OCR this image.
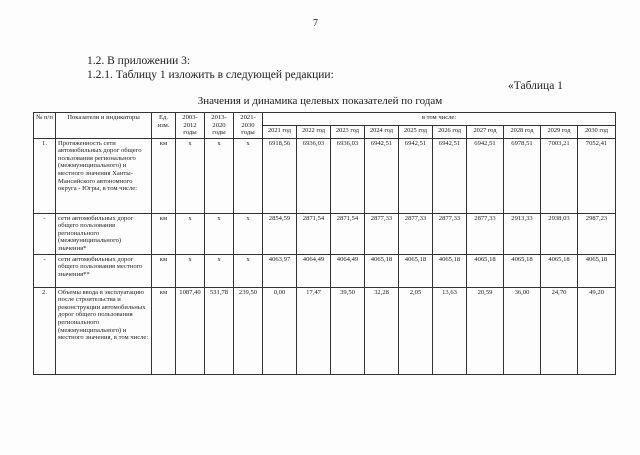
7
1.2. В приложении 3:
1.2.1. Таблицу 1 изложить в следующей редакции:
«Таблица 1
Значения и динамика целевых показателей по годам
№ п/п	Показатели и индикаторы	Ед. изм.	2003-2012 годы	2013-2020 годы	2021-2030 годы	в том числе:									
						2021 год	2022 год	2023 год	2024 год	2025 год	2026 год	2027 год	2028 год	2029 год	2030 год
1.	Протяженность сети автомобильных дорог общего пользования регионального (межмуниципального) и местного значения Ханты-Мансийского автономного округа - Югры, в том числе:	км	х	х	х	6918,56	6936,03	6936,03	6942,51	6942,51	6942,51	6942,51	6978,51	7003,21	7052,41
-	сети автомобильных дорог общего пользования регионального (межмуниципального) значения*	км	х	х	х	2854,59	2871,54	2871,54	2877,33	2877,33	2877,33	2877,33	2913,33	2938,03	2987,23
-	сети автомобильных дорог общего пользования местного значения**	км	х	х	х	4063,97	4064,49	4064,49	4065,18	4065,18	4065,18	4065,18	4065,18	4065,18	4065,18
2.	Объемы ввода в эксплуатацию после строительства и реконструкции автомобильных дорог общего пользования регионального (межмуниципального) и местного значения, в том числе:	км	1087,40	531,78	239,50	0,00	17,47	39,50	32,28	2,05	13,63	20,59	36,00	24,70	49,20
